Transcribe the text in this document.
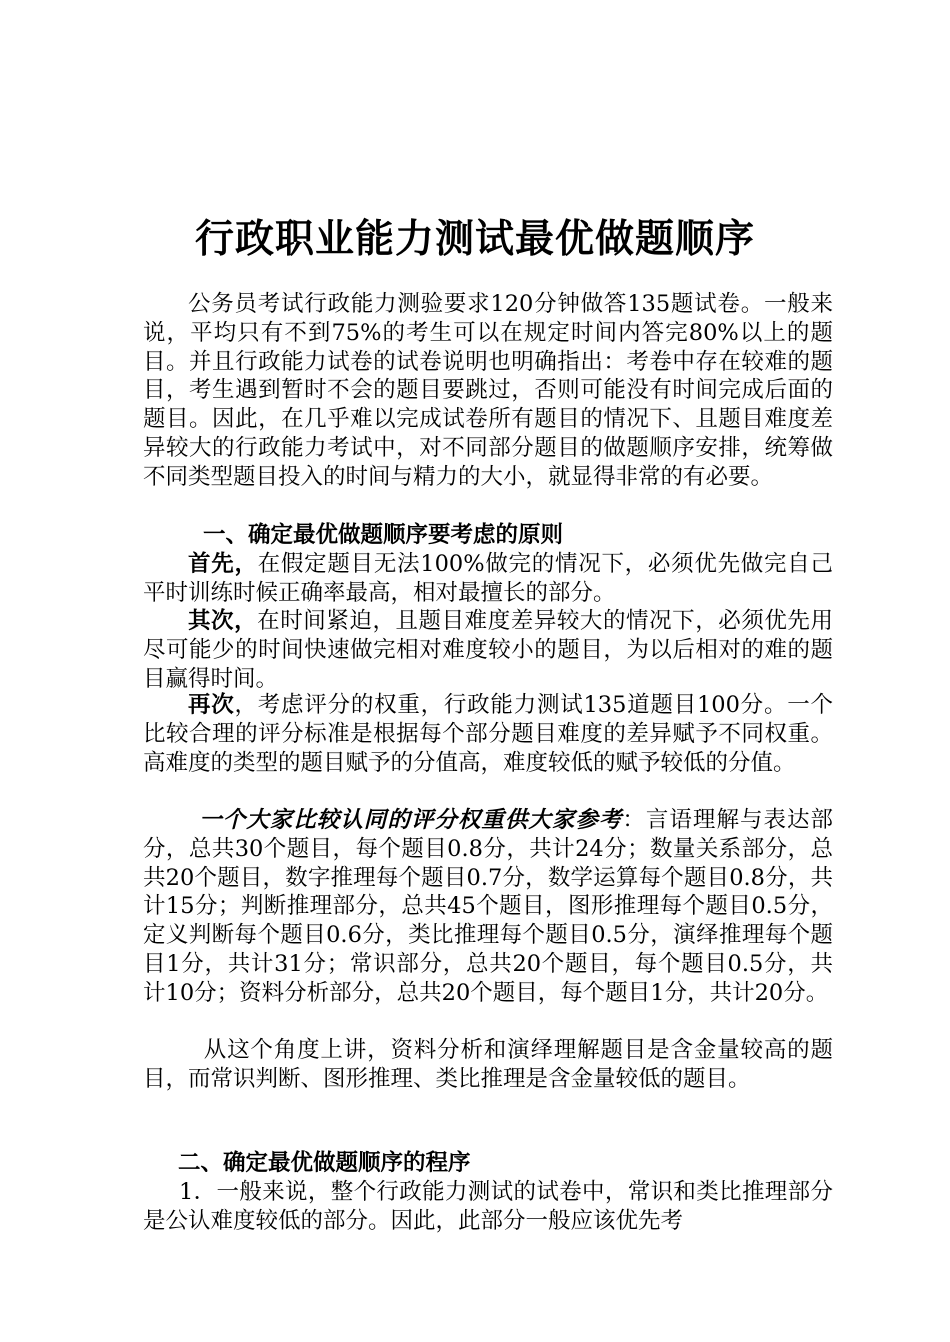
行政职业能力测试最优做题顺序
公务员考试行政能力测验要求120分钟做答135题试卷。一般来说，平均只有不到75%的考生可以在规定时间内答完80%以上的题目。并且行政能力试卷的试卷说明也明确指出：考卷中存在较难的题目，考生遇到暂时不会的题目要跳过，否则可能没有时间完成后面的题目。因此，在几乎难以完成试卷所有题目的情况下、且题目难度差异较大的行政能力考试中，对不同部分题目的做题顺序安排，统筹做不同类型题目投入的时间与精力的大小，就显得非常的有必要。
一、确定最优做题顺序要考虑的原则
首先，在假定题目无法100%做完的情况下，必须优先做完自己平时训练时候正确率最高，相对最擅长的部分。
其次，在时间紧迫，且题目难度差异较大的情况下，必须优先用尽可能少的时间快速做完相对难度较小的题目，为以后相对的难的题目赢得时间。
再次，考虑评分的权重，行政能力测试135道题目100分。一个比较合理的评分标准是根据每个部分题目难度的差异赋予不同权重。高难度的类型的题目赋予的分值高，难度较低的赋予较低的分值。
一个大家比较认同的评分权重供大家参考：言语理解与表达部分，总共30个题目，每个题目0.8分，共计24分；数量关系部分，总共20个题目，数字推理每个题目0.7分，数学运算每个题目0.8分，共计15分；判断推理部分，总共45个题目，图形推理每个题目0.5分，定义判断每个题目0.6分，类比推理每个题目0.5分，演绎推理每个题目1分，共计31分；常识部分，总共20个题目，每个题目0.5分，共计10分；资料分析部分，总共20个题目，每个题目1分，共计20分。
从这个角度上讲，资料分析和演绎理解题目是含金量较高的题目，而常识判断、图形推理、类比推理是含金量较低的题目。
二、确定最优做题顺序的程序
1．一般来说，整个行政能力测试的试卷中，常识和类比推理部分是公认难度较低的部分。因此，此部分一般应该优先考
